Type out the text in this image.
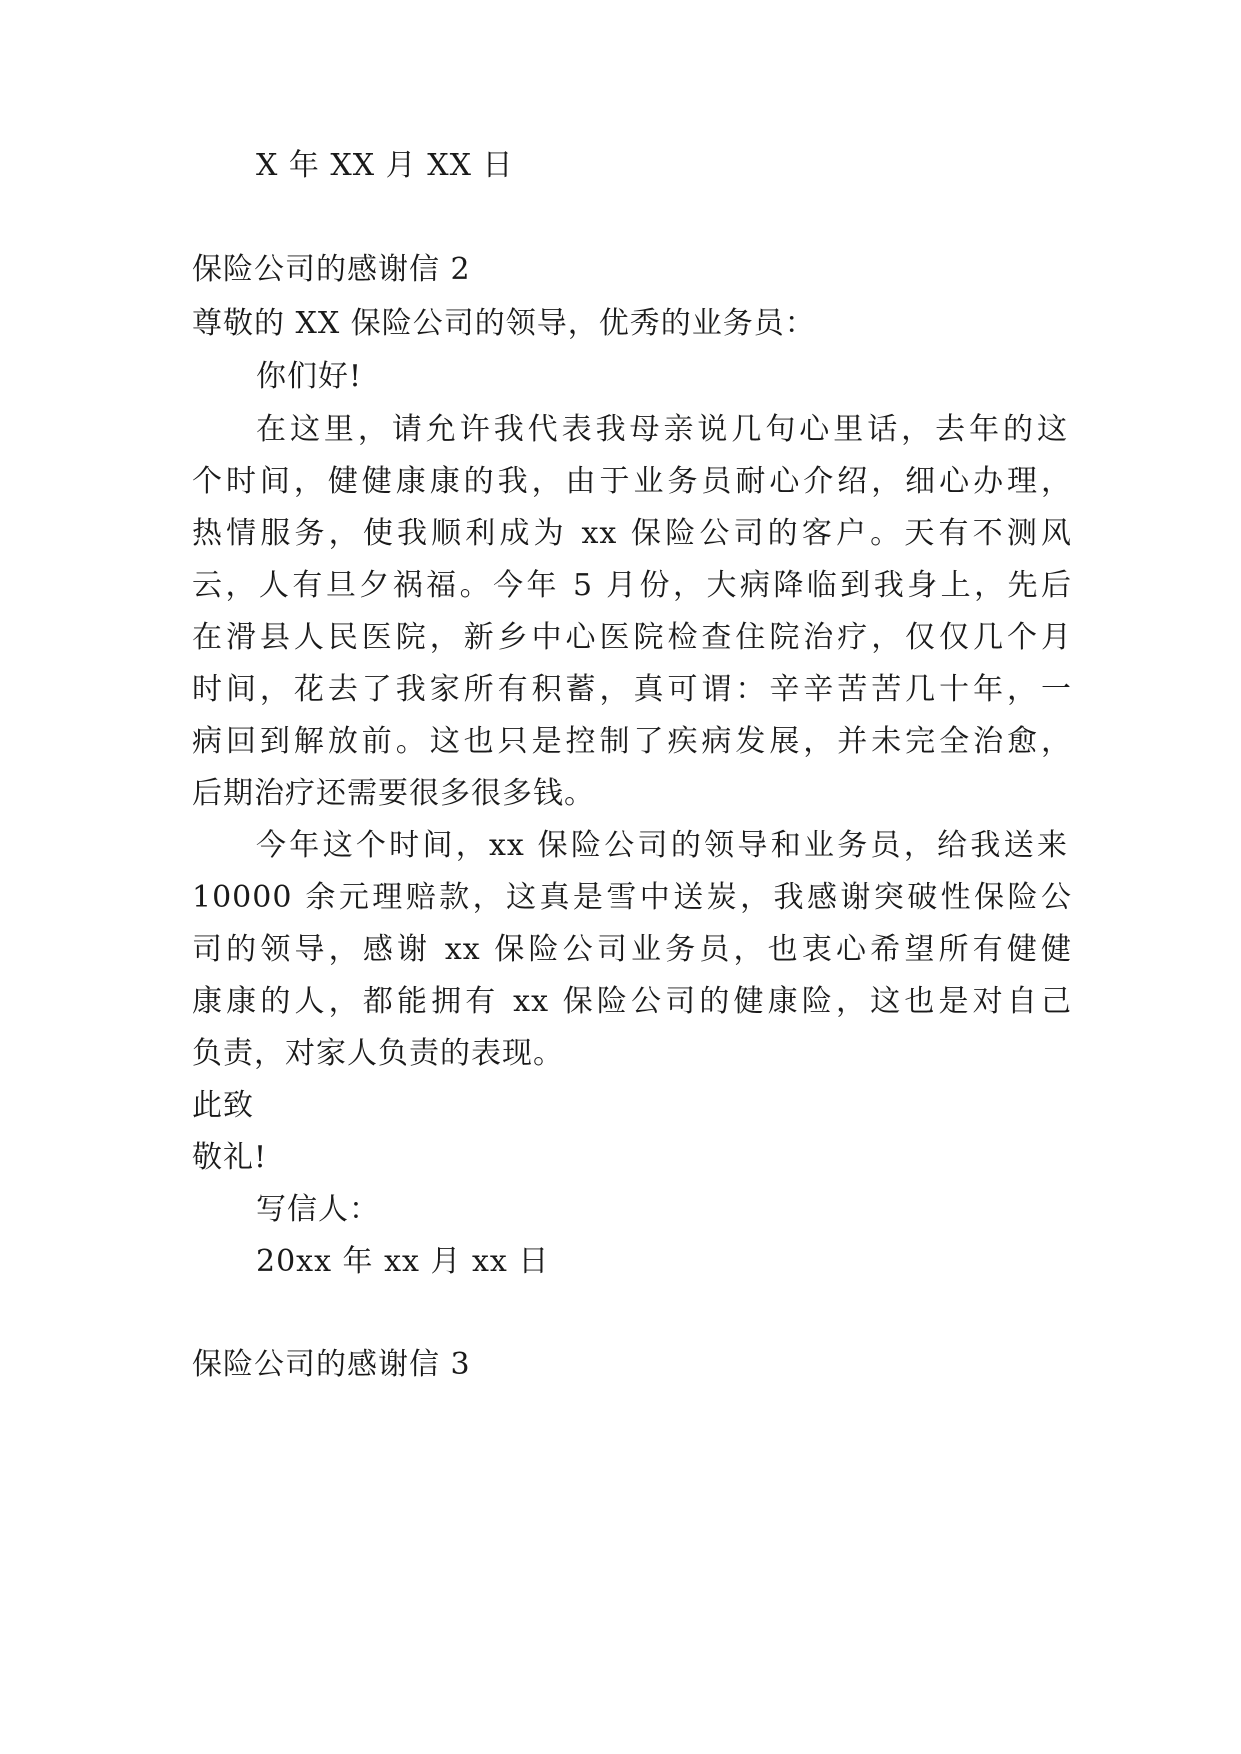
X 年 XX 月 XX 日
保险公司的感谢信 2
尊敬的 XX 保险公司的领导，优秀的业务员：
你们好!
在这里，请允许我代表我母亲说几句心里话，去年的这
个时间，健健康康的我，由于业务员耐心介绍，细心办理，
热情服务，使我顺利成为 xx 保险公司的客户。天有不测风
云，人有旦夕祸福。今年 5 月份，大病降临到我身上，先后
在滑县人民医院，新乡中心医院检查住院治疗，仅仅几个月
时间，花去了我家所有积蓄，真可谓：辛辛苦苦几十年，一
病回到解放前。这也只是控制了疾病发展，并未完全治愈，
后期治疗还需要很多很多钱。
今年这个时间，xx 保险公司的领导和业务员，给我送来
10000 余元理赔款，这真是雪中送炭，我感谢突破性保险公
司的领导，感谢 xx 保险公司业务员，也衷心希望所有健健
康康的人，都能拥有 xx 保险公司的健康险，这也是对自己
负责，对家人负责的表现。
此致
敬礼!
写信人：
20xx 年 xx 月 xx 日
保险公司的感谢信 3
